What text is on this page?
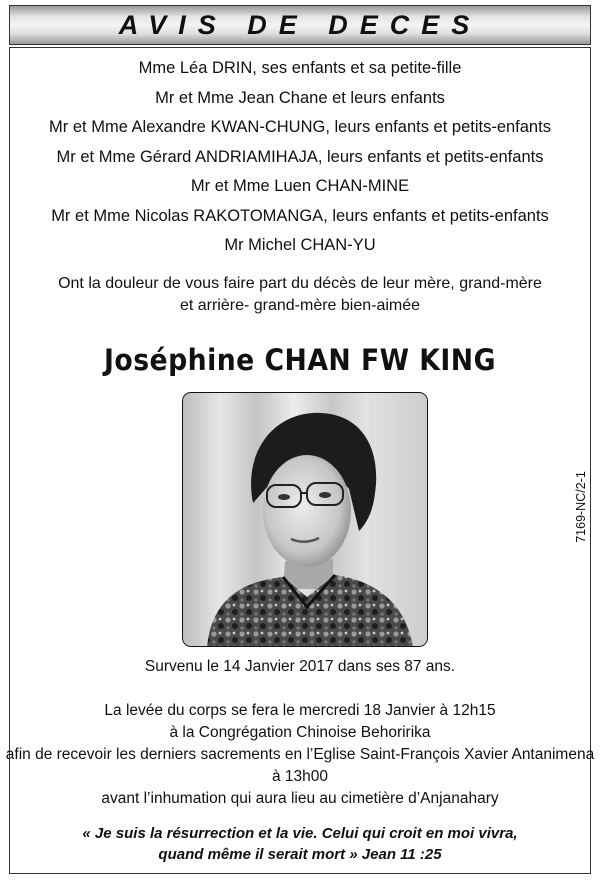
AVIS DE DECES
Mme Léa DRIN, ses enfants et sa petite-fille
Mr et Mme Jean Chane et leurs enfants
Mr et Mme Alexandre KWAN-CHUNG, leurs enfants et petits-enfants
Mr et Mme Gérard ANDRIAMIHAJA, leurs enfants et petits-enfants
Mr et Mme Luen CHAN-MINE
Mr et Mme Nicolas RAKOTOMANGA, leurs enfants et petits-enfants
Mr Michel CHAN-YU
Ont la douleur de vous faire part du décès de leur mère, grand-mère
et arrière- grand-mère bien-aimée
Joséphine CHAN FW KING
7169-NC/2-1
Survenu le 14 Janvier 2017 dans ses 87 ans.
La levée du corps se fera le mercredi 18 Janvier à 12h15
à la Congrégation Chinoise Behoririka
afin de recevoir les derniers sacrements en l’Eglise Saint-François Xavier Antanimena
à 13h00
avant l’inhumation qui aura lieu au cimetière d’Anjanahary
« Je suis la résurrection et la vie. Celui qui croit en moi vivra,
quand même il serait mort » Jean 11 :25
